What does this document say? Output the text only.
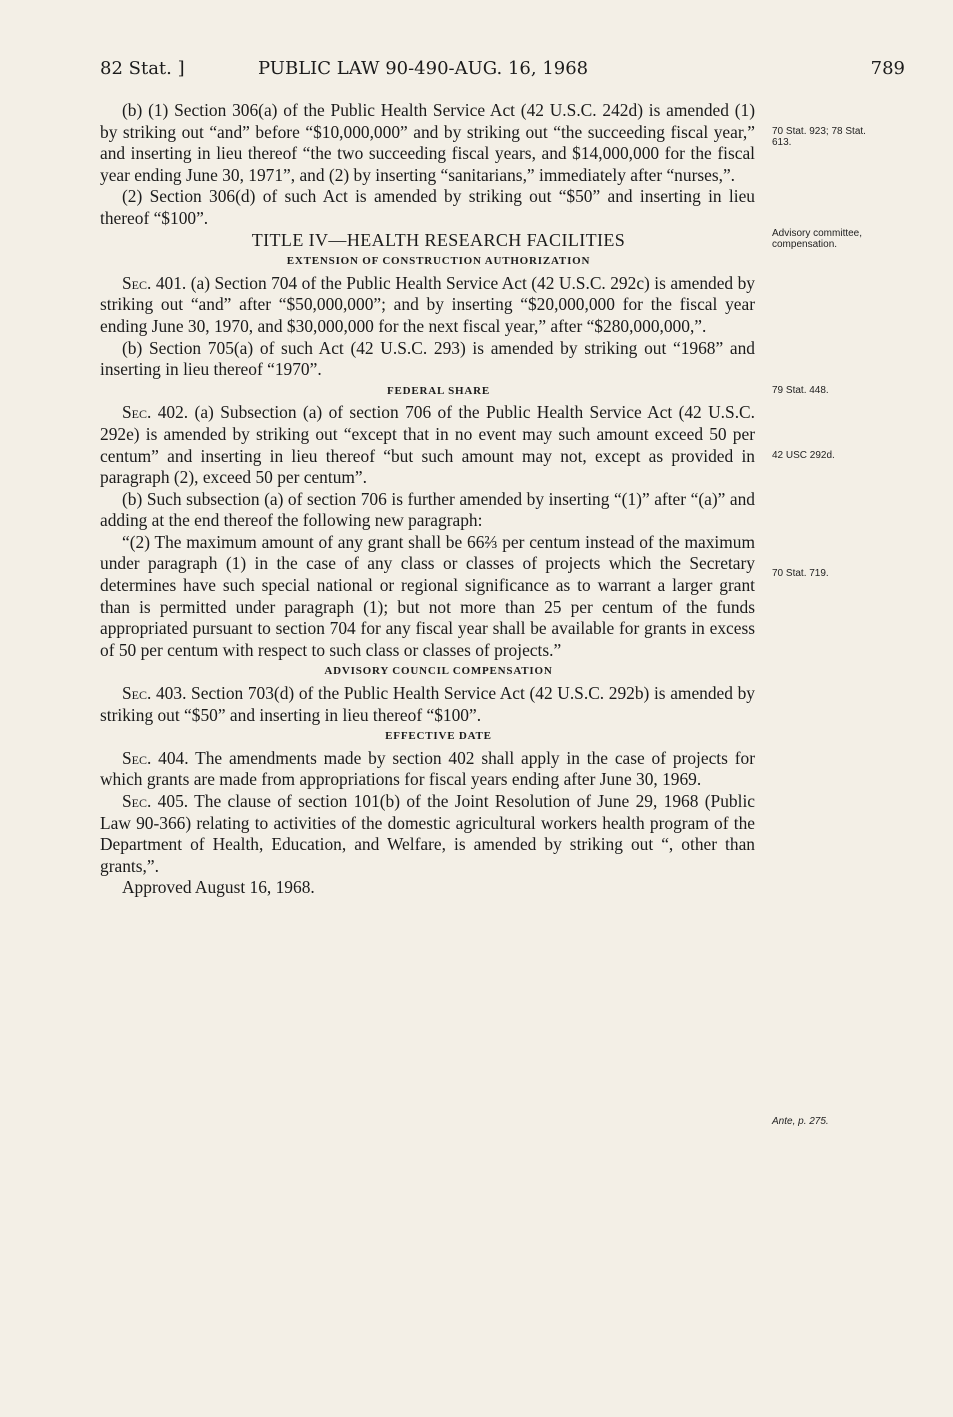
82 Stat. ]	PUBLIC LAW 90-490-AUG. 16, 1968	789

(b) (1) Section 306(a) of the Public Health Service Act (42 U.S.C. 242d) is amended (1) by striking out “and” before “$10,000,000” and by striking out “the succeeding fiscal year,” and inserting in lieu thereof “the two succeeding fiscal years, and $14,000,000 for the fiscal year ending June 30, 1971”, and (2) by inserting “sanitarians,” immediately after “nurses,”.

(2) Section 306(d) of such Act is amended by striking out “$50” and inserting in lieu thereof “$100”.

TITLE IV—HEALTH RESEARCH FACILITIES

EXTENSION OF CONSTRUCTION AUTHORIZATION

Sec. 401. (a) Section 704 of the Public Health Service Act (42 U.S.C. 292c) is amended by striking out “and” after “$50,000,000”; and by inserting “$20,000,000 for the fiscal year ending June 30, 1970, and $30,000,000 for the next fiscal year,” after “$280,000,000,”.

(b) Section 705(a) of such Act (42 U.S.C. 293) is amended by striking out “1968” and inserting in lieu thereof “1970”.

FEDERAL SHARE

Sec. 402. (a) Subsection (a) of section 706 of the Public Health Service Act (42 U.S.C. 292e) is amended by striking out “except that in no event may such amount exceed 50 per centum” and inserting in lieu thereof “but such amount may not, except as provided in paragraph (2), exceed 50 per centum”.

(b) Such subsection (a) of section 706 is further amended by inserting “(1)” after “(a)” and adding at the end thereof the following new paragraph:

“(2) The maximum amount of any grant shall be 66⅔ per centum instead of the maximum under paragraph (1) in the case of any class or classes of projects which the Secretary determines have such special national or regional significance as to warrant a larger grant than is permitted under paragraph (1); but not more than 25 per centum of the funds appropriated pursuant to section 704 for any fiscal year shall be available for grants in excess of 50 per centum with respect to such class or classes of projects.”

ADVISORY COUNCIL COMPENSATION

Sec. 403. Section 703(d) of the Public Health Service Act (42 U.S.C. 292b) is amended by striking out “$50” and inserting in lieu thereof “$100”.

EFFECTIVE DATE

Sec. 404. The amendments made by section 402 shall apply in the case of projects for which grants are made from appropriations for fiscal years ending after June 30, 1969.

Sec. 405. The clause of section 101(b) of the Joint Resolution of June 29, 1968 (Public Law 90-366) relating to activities of the domestic agricultural workers health program of the Department of Health, Education, and Welfare, is amended by striking out “, other than grants,”.

Approved August 16, 1968.

70 Stat. 923; 78 Stat. 613.
Advisory committee, compensation.
79 Stat. 448.
42 USC 292d.
70 Stat. 719.
Ante, p. 275.
